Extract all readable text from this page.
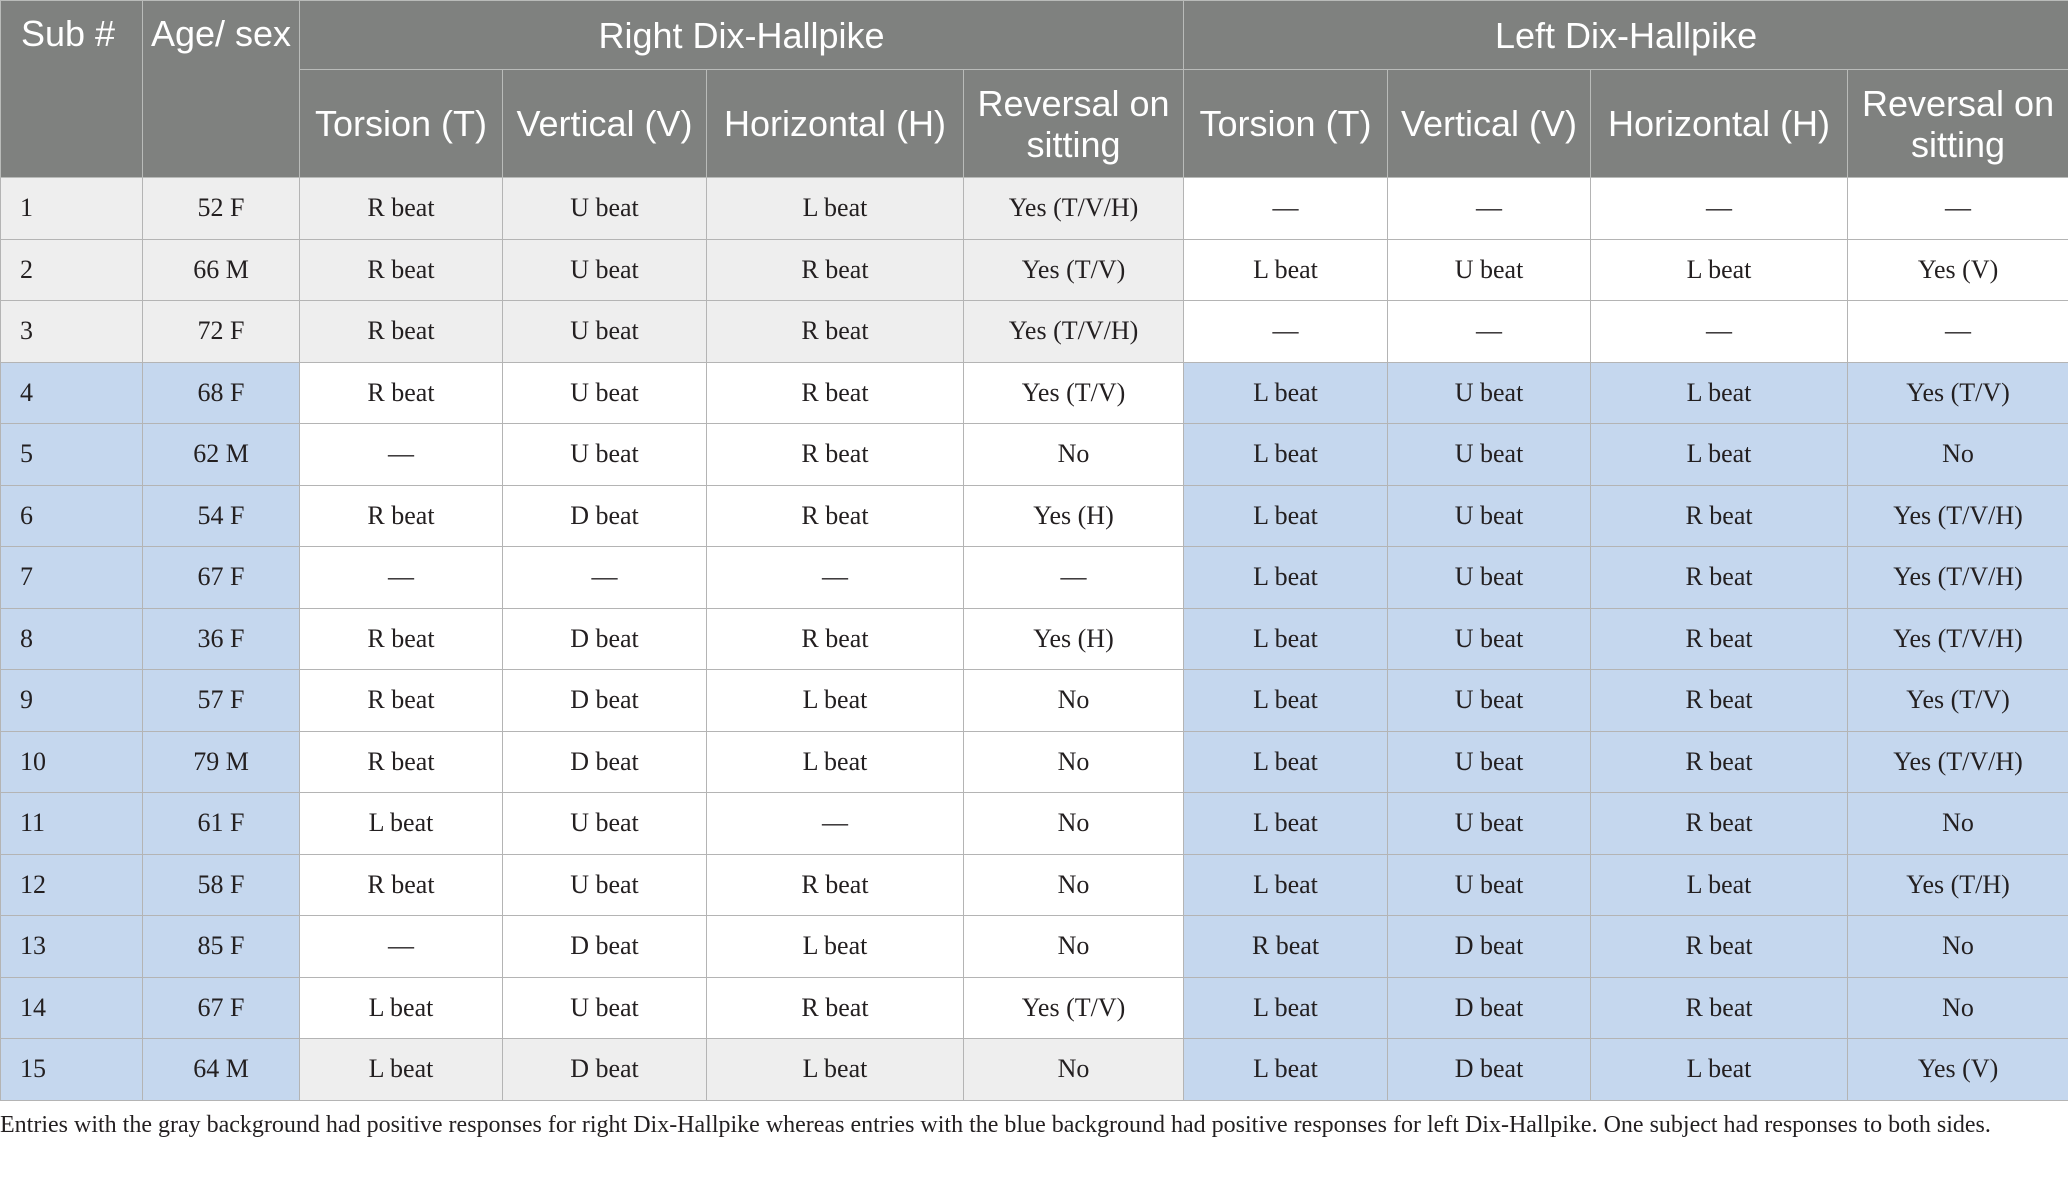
Sub #	Age/ sex	Right Dix-Hallpike				Left Dix-Hallpike			
		Torsion (T)	Vertical (V)	Horizontal (H)	Reversal on sitting	Torsion (T)	Vertical (V)	Horizontal (H)	Reversal on sitting
1	52 F	R beat	U beat	L beat	Yes (T/V/H)	—	—	—	—
2	66 M	R beat	U beat	R beat	Yes (T/V)	L beat	U beat	L beat	Yes (V)
3	72 F	R beat	U beat	R beat	Yes (T/V/H)	—	—	—	—
4	68 F	R beat	U beat	R beat	Yes (T/V)	L beat	U beat	L beat	Yes (T/V)
5	62 M	—	U beat	R beat	No	L beat	U beat	L beat	No
6	54 F	R beat	D beat	R beat	Yes (H)	L beat	U beat	R beat	Yes (T/V/H)
7	67 F	—	—	—	—	L beat	U beat	R beat	Yes (T/V/H)
8	36 F	R beat	D beat	R beat	Yes (H)	L beat	U beat	R beat	Yes (T/V/H)
9	57 F	R beat	D beat	L beat	No	L beat	U beat	R beat	Yes (T/V)
10	79 M	R beat	D beat	L beat	No	L beat	U beat	R beat	Yes (T/V/H)
11	61 F	L beat	U beat	—	No	L beat	U beat	R beat	No
12	58 F	R beat	U beat	R beat	No	L beat	U beat	L beat	Yes (T/H)
13	85 F	—	D beat	L beat	No	R beat	D beat	R beat	No
14	67 F	L beat	U beat	R beat	Yes (T/V)	L beat	D beat	R beat	No
15	64 M	L beat	D beat	L beat	No	L beat	D beat	L beat	Yes (V)
Entries with the gray background had positive responses for right Dix-Hallpike whereas entries with the blue background had positive responses for left Dix-Hallpike. One subject had responses to both sides.
